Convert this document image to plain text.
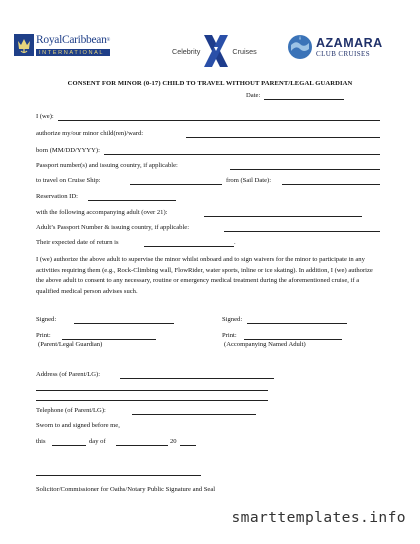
RoyalCaribbean®
INTERNATIONAL	Celebrity	Cruises
AZAMARA
CLUB CRUISES
CONSENT FOR MINOR (0-17) CHILD TO TRAVEL WITHOUT PARENT/LEGAL GUARDIAN
Date:
I (we):
authorize my/our minor child(ren)/ward:
born (MM/DD/YYYY):
Passport number(s) and issuing country, if applicable:
to travel on Cruise Ship:	from (Sail Date):
Reservation ID:
with the following accompanying adult (over 21):
Adult’s Passport Number & issuing country, if applicable:
Their expected date of return is	.
I (we) authorize the above adult to supervise the minor whilst onboard and to sign waivers for the minor to participate in any activities requiring them (e.g., Rock-Climbing wall, FlowRider, water sports, inline or ice skating). In addition, I (we) authorize the above adult to consent to any necessary, routine or emergency medical treatment during the aforementioned cruise, if a qualified medical person advises such.
Signed:	Signed:
Print:	Print:
(Parent/Legal Guardian)	(Accompanying Named Adult)
Address (of Parent/LG):
Telephone (of Parent/LG):
Sworn to and signed before me,
this	day of	20
Solicitor/Commissioner for Oaths/Notary Public Signature and Seal
smarttemplates.info
